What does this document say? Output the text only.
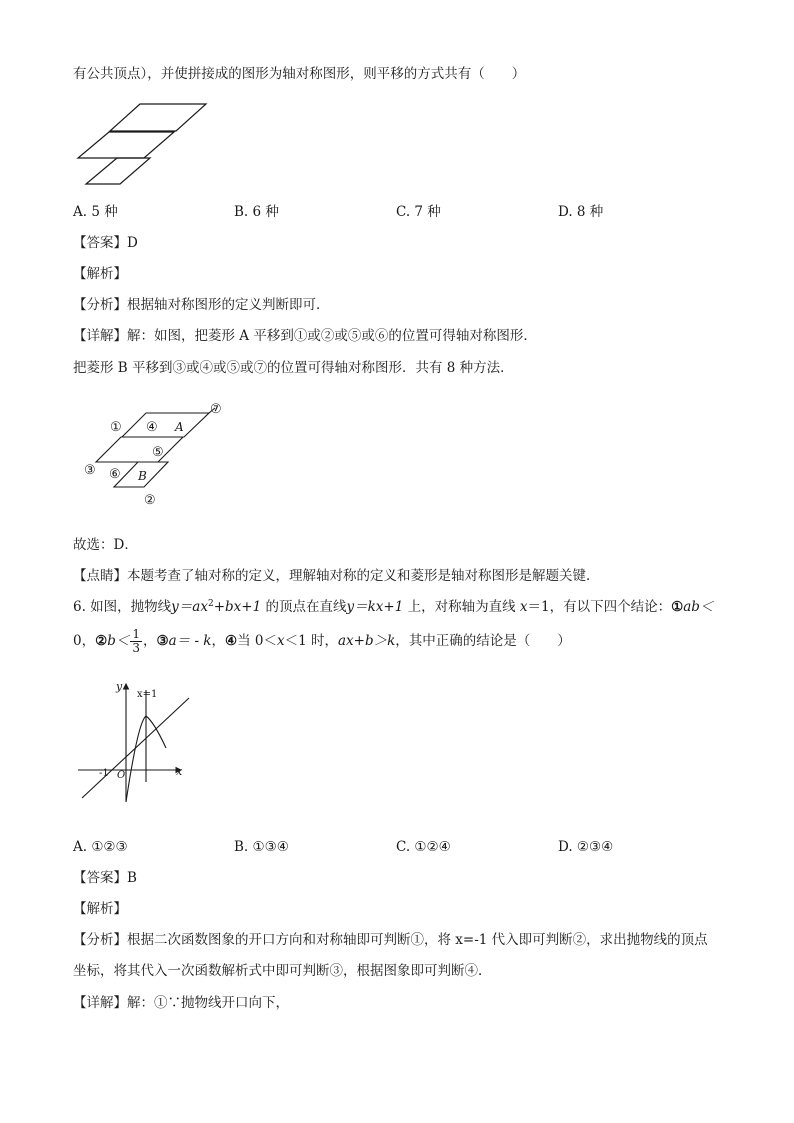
有公共顶点），并使拼接成的图形为轴对称图形，则平移的方式共有（　　）
A. 5 种	B. 6 种	C. 7 种	D. 8 种
【答案】D
【解析】
【分析】根据轴对称图形的定义判断即可．
【详解】解：如图，把菱形 A 平移到①或②或⑤或⑥的位置可得轴对称图形．
把菱形 B 平移到③或④或⑤或⑦的位置可得轴对称图形．共有 8 种方法．
① ④ A
⑦
⑤
③ ⑥ B
②
故选：D．
【点睛】本题考查了轴对称的定义，理解轴对称的定义和菱形是轴对称图形是解题关键．
6. 如图，抛物线$y=ax^2+bx+1$ 的顶点在直线y＝kx+1 上，对称轴为直线 x＝1，有以下四个结论：①ab＜
0，②b＜ $\frac{1}{3}$ ，③a＝ - k，④当 0＜x＜1 时，ax+b＞k，其中正确的结论是（　　）
y
x
x=1
-1 O
A. ①②③	B. ①③④	C. ①②④	D. ②③④
【答案】B
【解析】
【分析】根据二次函数图象的开口方向和对称轴即可判断①，将 x=-1 代入即可判断②，求出抛物线的顶点
坐标，将其代入一次函数解析式中即可判断③，根据图象即可判断④．
【详解】解：①∵抛物线开口向下，
